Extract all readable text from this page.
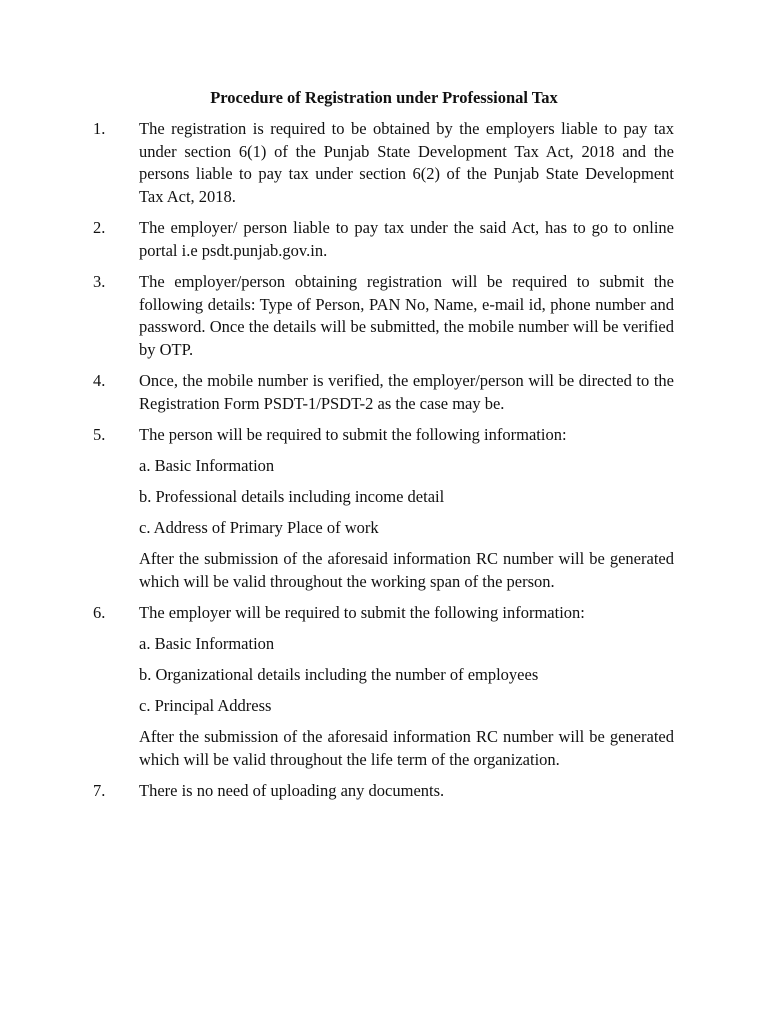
Procedure of Registration under Professional Tax
1. The registration is required to be obtained by the employers liable to pay tax under section 6(1) of the Punjab State Development Tax Act, 2018 and the persons liable to pay tax under section 6(2) of the Punjab State Development Tax Act, 2018.
2. The employer/ person liable to pay tax under the said Act, has to go to online portal i.e psdt.punjab.gov.in.
3. The employer/person obtaining registration will be required to submit the following details: Type of Person, PAN No, Name, e-mail id, phone number and password. Once the details will be submitted, the mobile number will be verified by OTP.
4. Once, the mobile number is verified, the employer/person will be directed to the Registration Form PSDT-1/PSDT-2 as the case may be.
5. The person will be required to submit the following information:
a. Basic Information
b. Professional details including income detail
c. Address of Primary Place of work
After the submission of the aforesaid information RC number will be generated which will be valid throughout the working span of the person.
6. The employer will be required to submit the following information:
a. Basic Information
b. Organizational details including the number of employees
c. Principal Address
After the submission of the aforesaid information RC number will be generated which will be valid throughout the life term of the organization.
7. There is no need of uploading any documents.
